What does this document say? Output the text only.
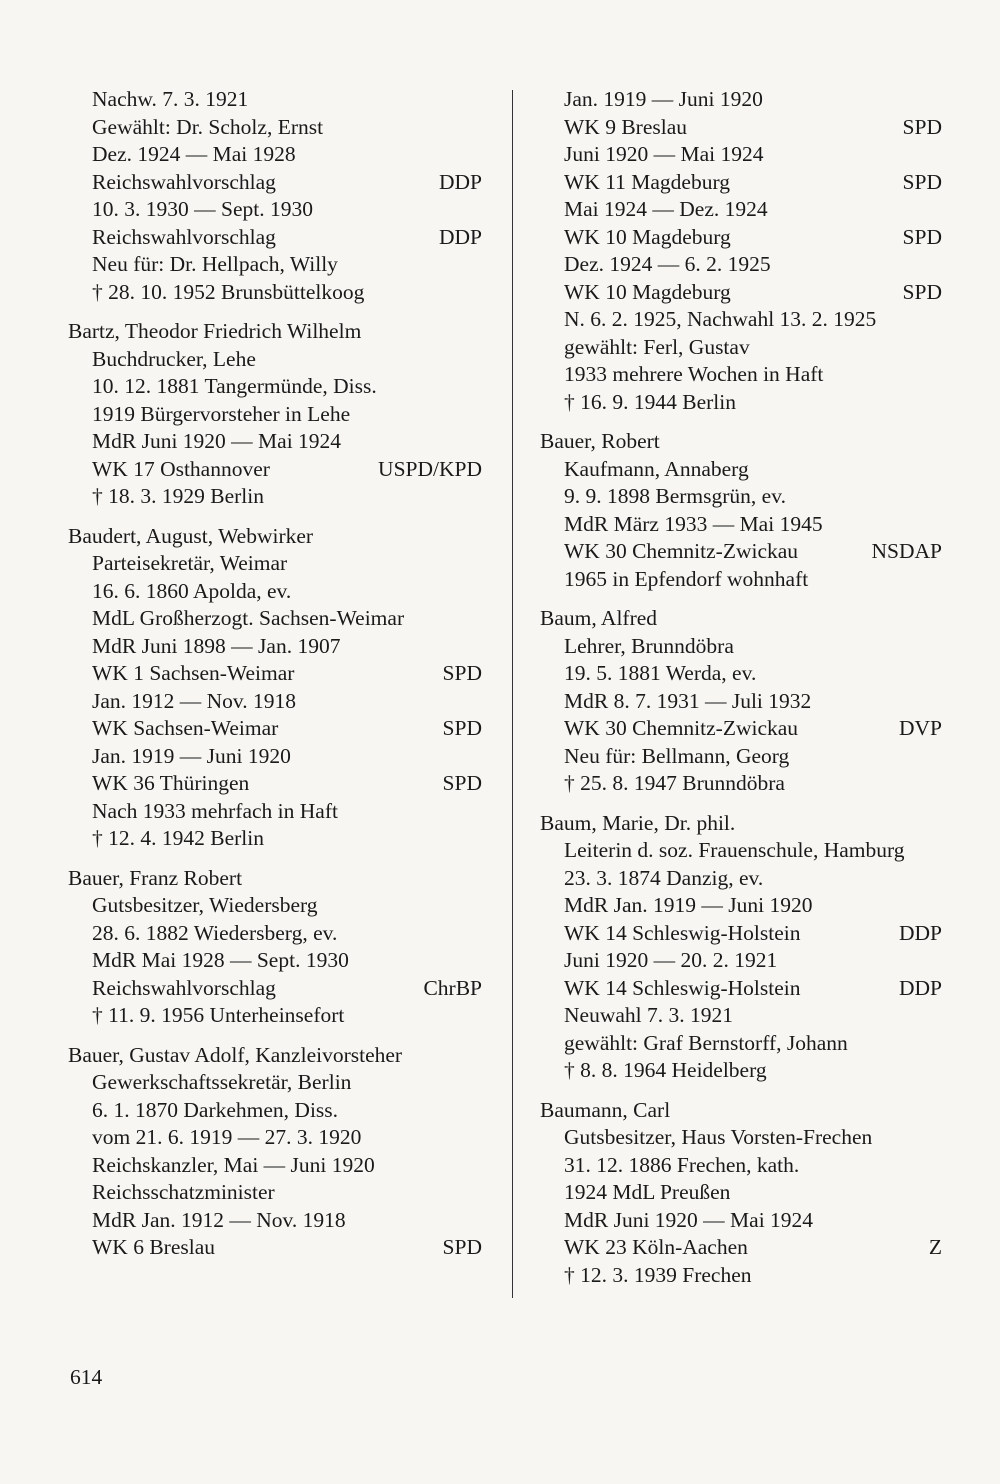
Nachw. 7. 3. 1921
Gewählt: Dr. Scholz, Ernst
Dez. 1924 — Mai 1928
Reichswahlvorschlag	DDP
10. 3. 1930 — Sept. 1930
Reichswahlvorschlag	DDP
Neu für: Dr. Hellpach, Willy
† 28. 10. 1952 Brunsbüttelkoog
Bartz, Theodor Friedrich Wilhelm
Buchdrucker, Lehe
10. 12. 1881 Tangermünde, Diss.
1919 Bürgervorsteher in Lehe
MdR Juni 1920 — Mai 1924
WK 17 Osthannover	USPD/KPD
† 18. 3. 1929 Berlin
Baudert, August, Webwirker
Parteisekretär, Weimar
16. 6. 1860 Apolda, ev.
MdL Großherzogt. Sachsen-Weimar
MdR Juni 1898 — Jan. 1907
WK 1 Sachsen-Weimar	SPD
Jan. 1912 — Nov. 1918
WK Sachsen-Weimar	SPD
Jan. 1919 — Juni 1920
WK 36 Thüringen	SPD
Nach 1933 mehrfach in Haft
† 12. 4. 1942 Berlin
Bauer, Franz Robert
Gutsbesitzer, Wiedersberg
28. 6. 1882 Wiedersberg, ev.
MdR Mai 1928 — Sept. 1930
Reichswahlvorschlag	ChrBP
† 11. 9. 1956 Unterheinsefort
Bauer, Gustav Adolf, Kanzleivorsteher
Gewerkschaftssekretär, Berlin
6. 1. 1870 Darkehmen, Diss.
vom 21. 6. 1919 — 27. 3. 1920
Reichskanzler, Mai — Juni 1920
Reichsschatzminister
MdR Jan. 1912 — Nov. 1918
WK 6 Breslau	SPD
Jan. 1919 — Juni 1920
WK 9 Breslau	SPD
Juni 1920 — Mai 1924
WK 11 Magdeburg	SPD
Mai 1924 — Dez. 1924
WK 10 Magdeburg	SPD
Dez. 1924 — 6. 2. 1925
WK 10 Magdeburg	SPD
N. 6. 2. 1925, Nachwahl 13. 2. 1925
gewählt: Ferl, Gustav
1933 mehrere Wochen in Haft
† 16. 9. 1944 Berlin
Bauer, Robert
Kaufmann, Annaberg
9. 9. 1898 Bermsgrün, ev.
MdR März 1933 — Mai 1945
WK 30 Chemnitz-Zwickau	NSDAP
1965 in Epfendorf wohnhaft
Baum, Alfred
Lehrer, Brunndöbra
19. 5. 1881 Werda, ev.
MdR 8. 7. 1931 — Juli 1932
WK 30 Chemnitz-Zwickau	DVP
Neu für: Bellmann, Georg
† 25. 8. 1947 Brunndöbra
Baum, Marie, Dr. phil.
Leiterin d. soz. Frauenschule, Hamburg
23. 3. 1874 Danzig, ev.
MdR Jan. 1919 — Juni 1920
WK 14 Schleswig-Holstein	DDP
Juni 1920 — 20. 2. 1921
WK 14 Schleswig-Holstein	DDP
Neuwahl 7. 3. 1921
gewählt: Graf Bernstorff, Johann
† 8. 8. 1964 Heidelberg
Baumann, Carl
Gutsbesitzer, Haus Vorsten-Frechen
31. 12. 1886 Frechen, kath.
1924 MdL Preußen
MdR Juni 1920 — Mai 1924
WK 23 Köln-Aachen	Z
† 12. 3. 1939 Frechen
614
